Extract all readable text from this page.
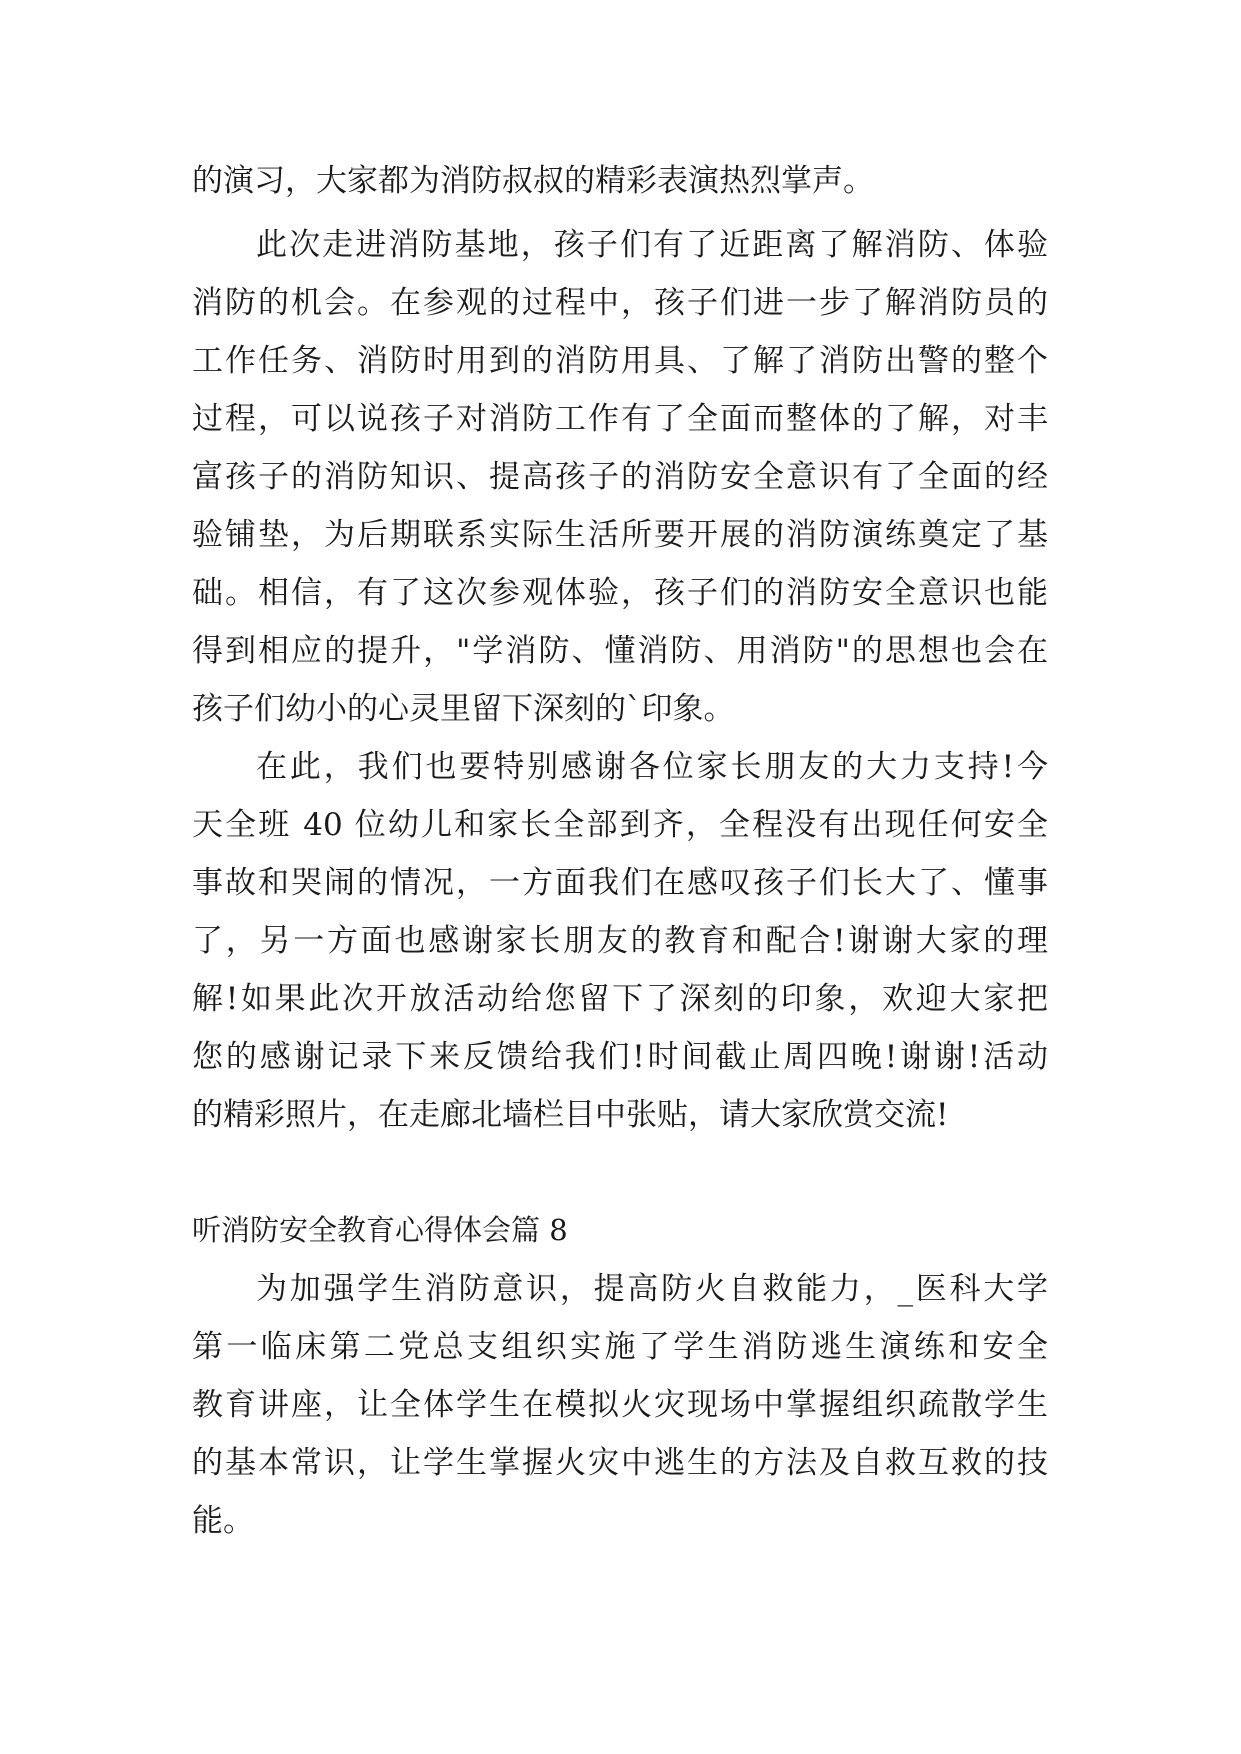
的演习，大家都为消防叔叔的精彩表演热烈掌声。
此次走进消防基地，孩子们有了近距离了解消防、体验
消防的机会。在参观的过程中，孩子们进一步了解消防员的
工作任务、消防时用到的消防用具、了解了消防出警的整个
过程，可以说孩子对消防工作有了全面而整体的了解，对丰
富孩子的消防知识、提高孩子的消防安全意识有了全面的经
验铺垫，为后期联系实际生活所要开展的消防演练奠定了基
础。相信，有了这次参观体验，孩子们的消防安全意识也能
得到相应的提升，"学消防、懂消防、用消防"的思想也会在
孩子们幼小的心灵里留下深刻的`印象。
在此，我们也要特别感谢各位家长朋友的大力支持!今
天全班 40 位幼儿和家长全部到齐，全程没有出现任何安全
事故和哭闹的情况，一方面我们在感叹孩子们长大了、懂事
了，另一方面也感谢家长朋友的教育和配合!谢谢大家的理
解!如果此次开放活动给您留下了深刻的印象，欢迎大家把
您的感谢记录下来反馈给我们!时间截止周四晚!谢谢!活动
的精彩照片，在走廊北墙栏目中张贴，请大家欣赏交流!
听消防安全教育心得体会篇 8
为加强学生消防意识，提高防火自救能力，_医科大学
第一临床第二党总支组织实施了学生消防逃生演练和安全
教育讲座，让全体学生在模拟火灾现场中掌握组织疏散学生
的基本常识，让学生掌握火灾中逃生的方法及自救互救的技
能。
